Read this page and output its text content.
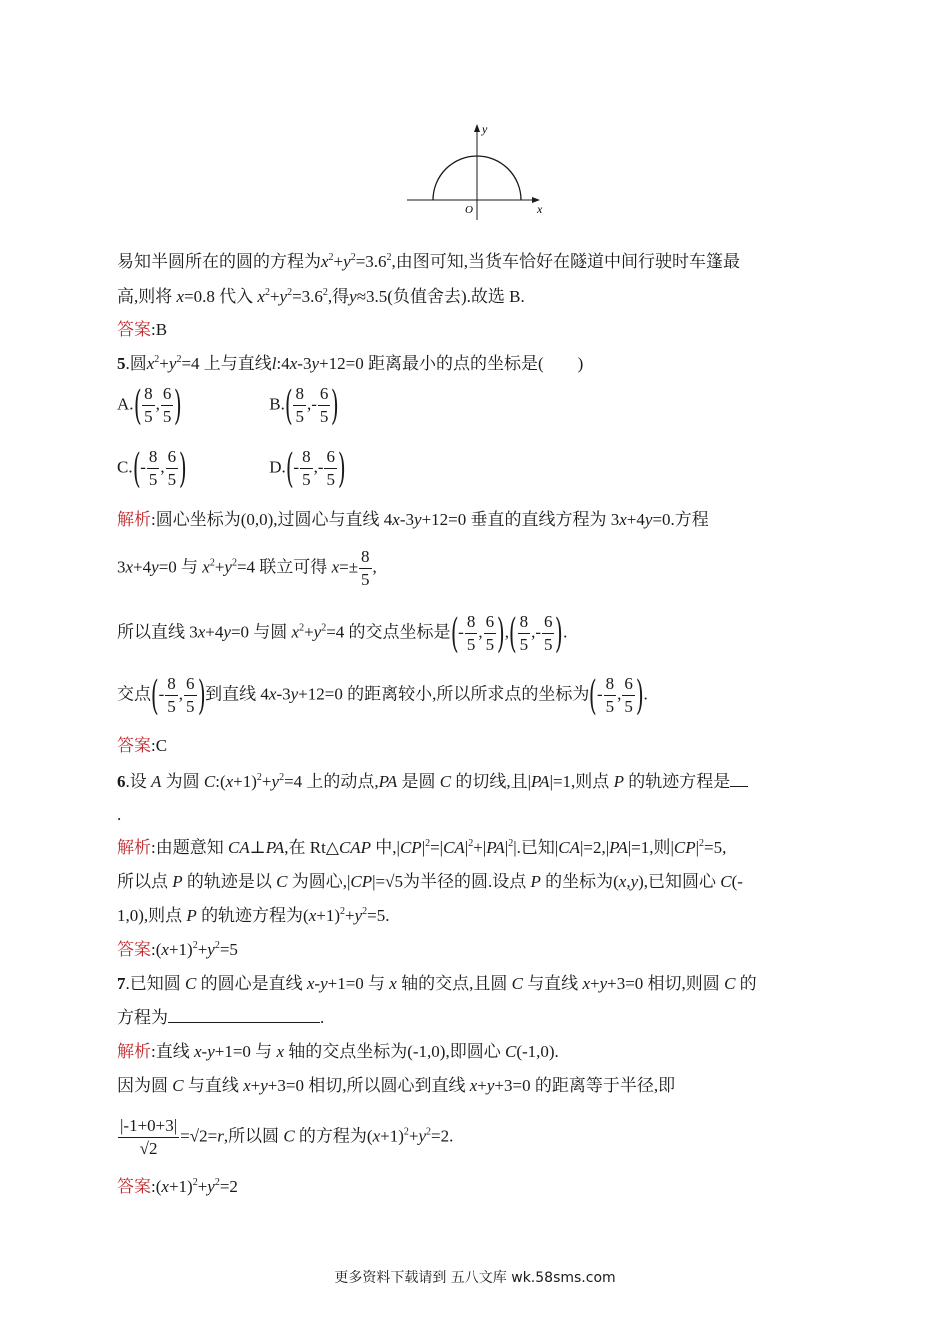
y
x
O
易知半圆所在的圆的方程为$x^2+y^2=3.6^2$,由图可知,当货车恰好在隧道中间行驶时车篷最
高,则将 x=0.8 代入 $x^2+y^2=3.6^2$,得y≈3.5(负值舍去).故选 B.
答案:B
5.圆$x^2+y^2=4$ 上与直线l:4x-3y+12=0 距离最小的点的坐标是(　　)
$A.( \frac{8}{5}$ , $\frac{6}{5}$ )	$B.( \frac{8}{5}$ ,- $\frac{6}{5}$ )
$C.(- \frac{8}{5}$ , $\frac{6}{5}$ )	$D.(- \frac{8}{5}$ ,- $\frac{6}{5}$ )
解析:圆心坐标为(0,0),过圆心与直线 4x-3y+12=0 垂直的直线方程为 3x+4y=0.方程
3x+4y=0 与 $x^2+y^2=4$ 联立可得 $x=\pm \frac{8}{5}$ ,
所以直线 3x+4y=0 与圆 $x^2+y^2=4$ 的交点坐标是(- $\frac{8}{5}$ , $\frac{6}{5}$ ),( $\frac{8}{5}$ ,- $\frac{6}{5}$ ).
交点(- $\frac{8}{5}$ , $\frac{6}{5}$ )到直线 4x-3y+12=0 的距离较小,所以所求点的坐标为(- $\frac{8}{5}$ , $\frac{6}{5}$ ).
答案:C
6.设 A 为圆 $C:(x+1)^2+y^2=4$ 上的动点,PA 是圆 C 的切线,且|PA|=1,则点 P 的轨迹方程是
.
解析:由题意知 CA⊥PA,在 Rt△CAP 中$,|CP|^2=|CA|^2+|PA|^2|$.已知|CA|=2,|PA|=1,则$|CP|^2=5$,
所以点 P 的轨迹是以 C 为圆心,|CP|=√5为半径的圆.设点 P 的坐标为(x,y),已知圆心 C(-
1,0),则点 P 的轨迹方程为$(x+1)^2+y^2=5$.
答案$:(x+1)^2+y^2=5$
7.已知圆 C 的圆心是直线 x-y+1=0 与 x 轴的交点,且圆 C 与直线 x+y+3=0 相切,则圆 C 的
方程为	.
解析:直线 x-y+1=0 与 x 轴的交点坐标为(-1,0),即圆心 C(-1,0).
因为圆 C 与直线 x+y+3=0 相切,所以圆心到直线 x+y+3=0 的距离等于半径,即
$\frac{|-1+0+3|}{√2} =√2=r$,所以圆 C 的方程为$(x+1)^2+y^2=2$.
答案$:(x+1)^2+y^2=2$
更多资料下载请到 五八文库 wk.58sms.com
